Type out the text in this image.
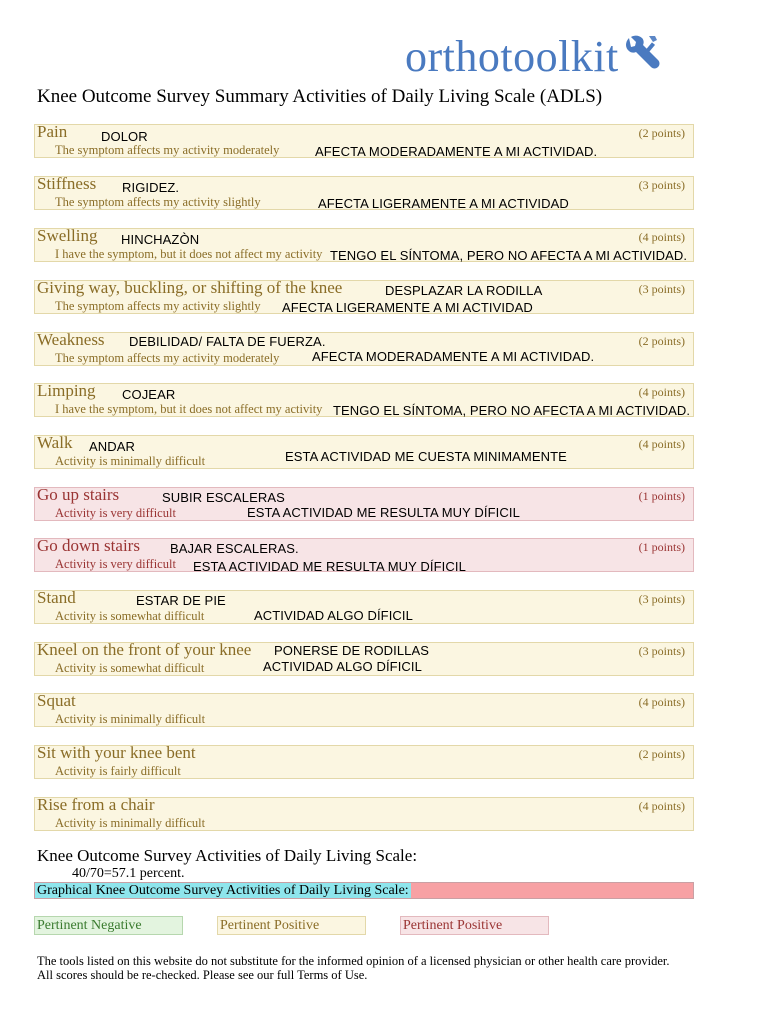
orthotoolkit
Knee Outcome Survey Summary Activities of Daily Living Scale (ADLS)
Pain
The symptom affects my activity moderately
(2 points)
DOLOR
AFECTA MODERADAMENTE A MI ACTIVIDAD.
Stiffness
The symptom affects my activity slightly
(3 points)
RIGIDEZ.
AFECTA LIGERAMENTE A MI ACTIVIDAD
Swelling
I have the symptom, but it does not affect my activity
(4 points)
HINCHAZÒN
TENGO EL SÍNTOMA, PERO NO AFECTA A MI ACTIVIDAD.
Giving way, buckling, or shifting of the knee
The symptom affects my activity slightly
(3 points)
DESPLAZAR LA RODILLA
AFECTA LIGERAMENTE A MI ACTIVIDAD
Weakness
The symptom affects my activity moderately
(2 points)
DEBILIDAD/ FALTA DE FUERZA.
AFECTA MODERADAMENTE A MI ACTIVIDAD.
Limping
I have the symptom, but it does not affect my activity
(4 points)
COJEAR
TENGO EL SÍNTOMA, PERO NO AFECTA A MI ACTIVIDAD.
Walk
Activity is minimally difficult
(4 points)
ANDAR
ESTA ACTIVIDAD ME CUESTA MINIMAMENTE
Go up stairs
Activity is very difficult
(1 points)
SUBIR ESCALERAS
ESTA ACTIVIDAD ME RESULTA MUY DÍFICIL
Go down stairs
Activity is very difficult
(1 points)
BAJAR ESCALERAS.
ESTA ACTIVIDAD ME RESULTA MUY DÍFICIL
Stand
Activity is somewhat difficult
(3 points)
ESTAR DE PIE
ACTIVIDAD ALGO DÍFICIL
Kneel on the front of your knee
Activity is somewhat difficult
(3 points)
PONERSE DE RODILLAS
ACTIVIDAD ALGO DÍFICIL
Squat
Activity is minimally difficult
(4 points)
Sit with your knee bent
Activity is fairly difficult
(2 points)
Rise from a chair
Activity is minimally difficult
(4 points)
Knee Outcome Survey Activities of Daily Living Scale:
40/70=57.1 percent.
Graphical Knee Outcome Survey Activities of Daily Living Scale:
Pertinent Negative	Pertinent Positive	Pertinent Positive
The tools listed on this website do not substitute for the informed opinion of a licensed physician or other health care provider.
All scores should be re-checked. Please see our full Terms of Use.
